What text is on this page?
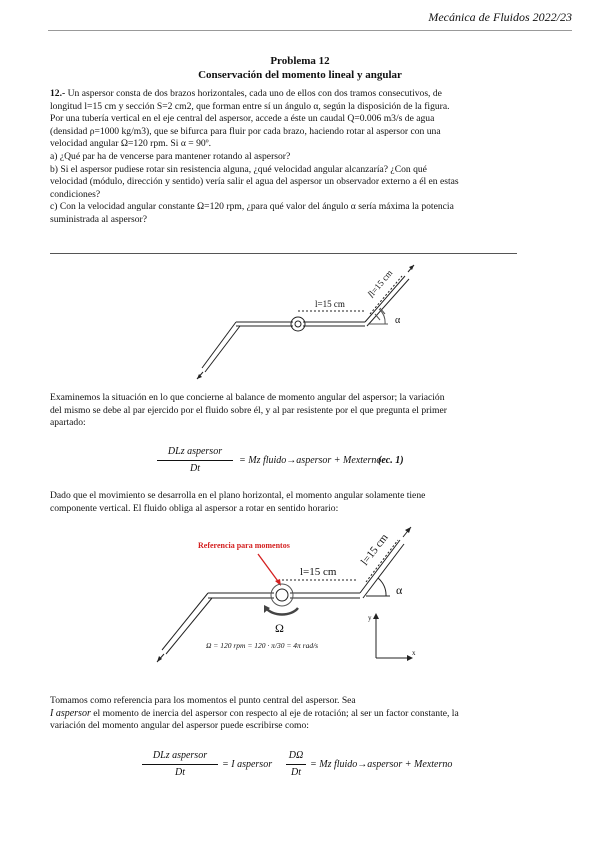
Mecánica de Fluidos 2022/23
Problema 12
Conservación del momento lineal y angular
12.- Un aspersor consta de dos brazos horizontales, cada uno de ellos con dos tramos consecutivos, de
longitud l=15 cm y sección S=2 cm2, que forman entre sí un ángulo α, según la disposición de la figura.
Por una tubería vertical en el eje central del aspersor, accede a éste un caudal Q=0.006 m3/s de agua
(densidad ρ=1000 kg/m3), que se bifurca para fluir por cada brazo, haciendo rotar al aspersor con una
velocidad angular Ω=120 rpm. Si α = 90º.
a) ¿Qué par ha de vencerse para mantener rotando al aspersor?
b) Si el aspersor pudiese rotar sin resistencia alguna, ¿qué velocidad angular alcanzaría? ¿Con qué
velocidad (módulo, dirección y sentido) vería salir el agua del aspersor un observador externo a él en estas
condiciones?
c) Con la velocidad angular constante Ω=120 rpm, ¿para qué valor del ángulo α sería máxima la potencia
suministrada al aspersor?
l=15 cm
l=15 cm
α
Examinemos la situación en lo que concierne al balance de momento angular del aspersor; la variación
del mismo se debe al par ejercido por el fluido sobre él, y al par resistente por el que pregunta el primer
apartado:
DLz aspersor
Dt
= Mz fluido→aspersor + Mexterno
(ec. 1)
Dado que el movimiento se desarrolla en el plano horizontal, el momento angular solamente tiene
componente vertical. El fluido obliga al aspersor a rotar en sentido horario:
Referencia para momentos
l=15 cm
l=15 cm
α
Ω
Ω = 120 rpm = 120 · π/30 = 4π rad/s
y
x
Tomamos como referencia para los momentos el punto central del aspersor. Sea
I aspersor el momento de inercia del aspersor con respecto al eje de rotación; al ser un factor constante, la
variación del momento angular del aspersor puede escribirse como:
DLz aspersor
Dt
= I aspersor
DΩ
Dt
= Mz fluido→aspersor + Mexterno
